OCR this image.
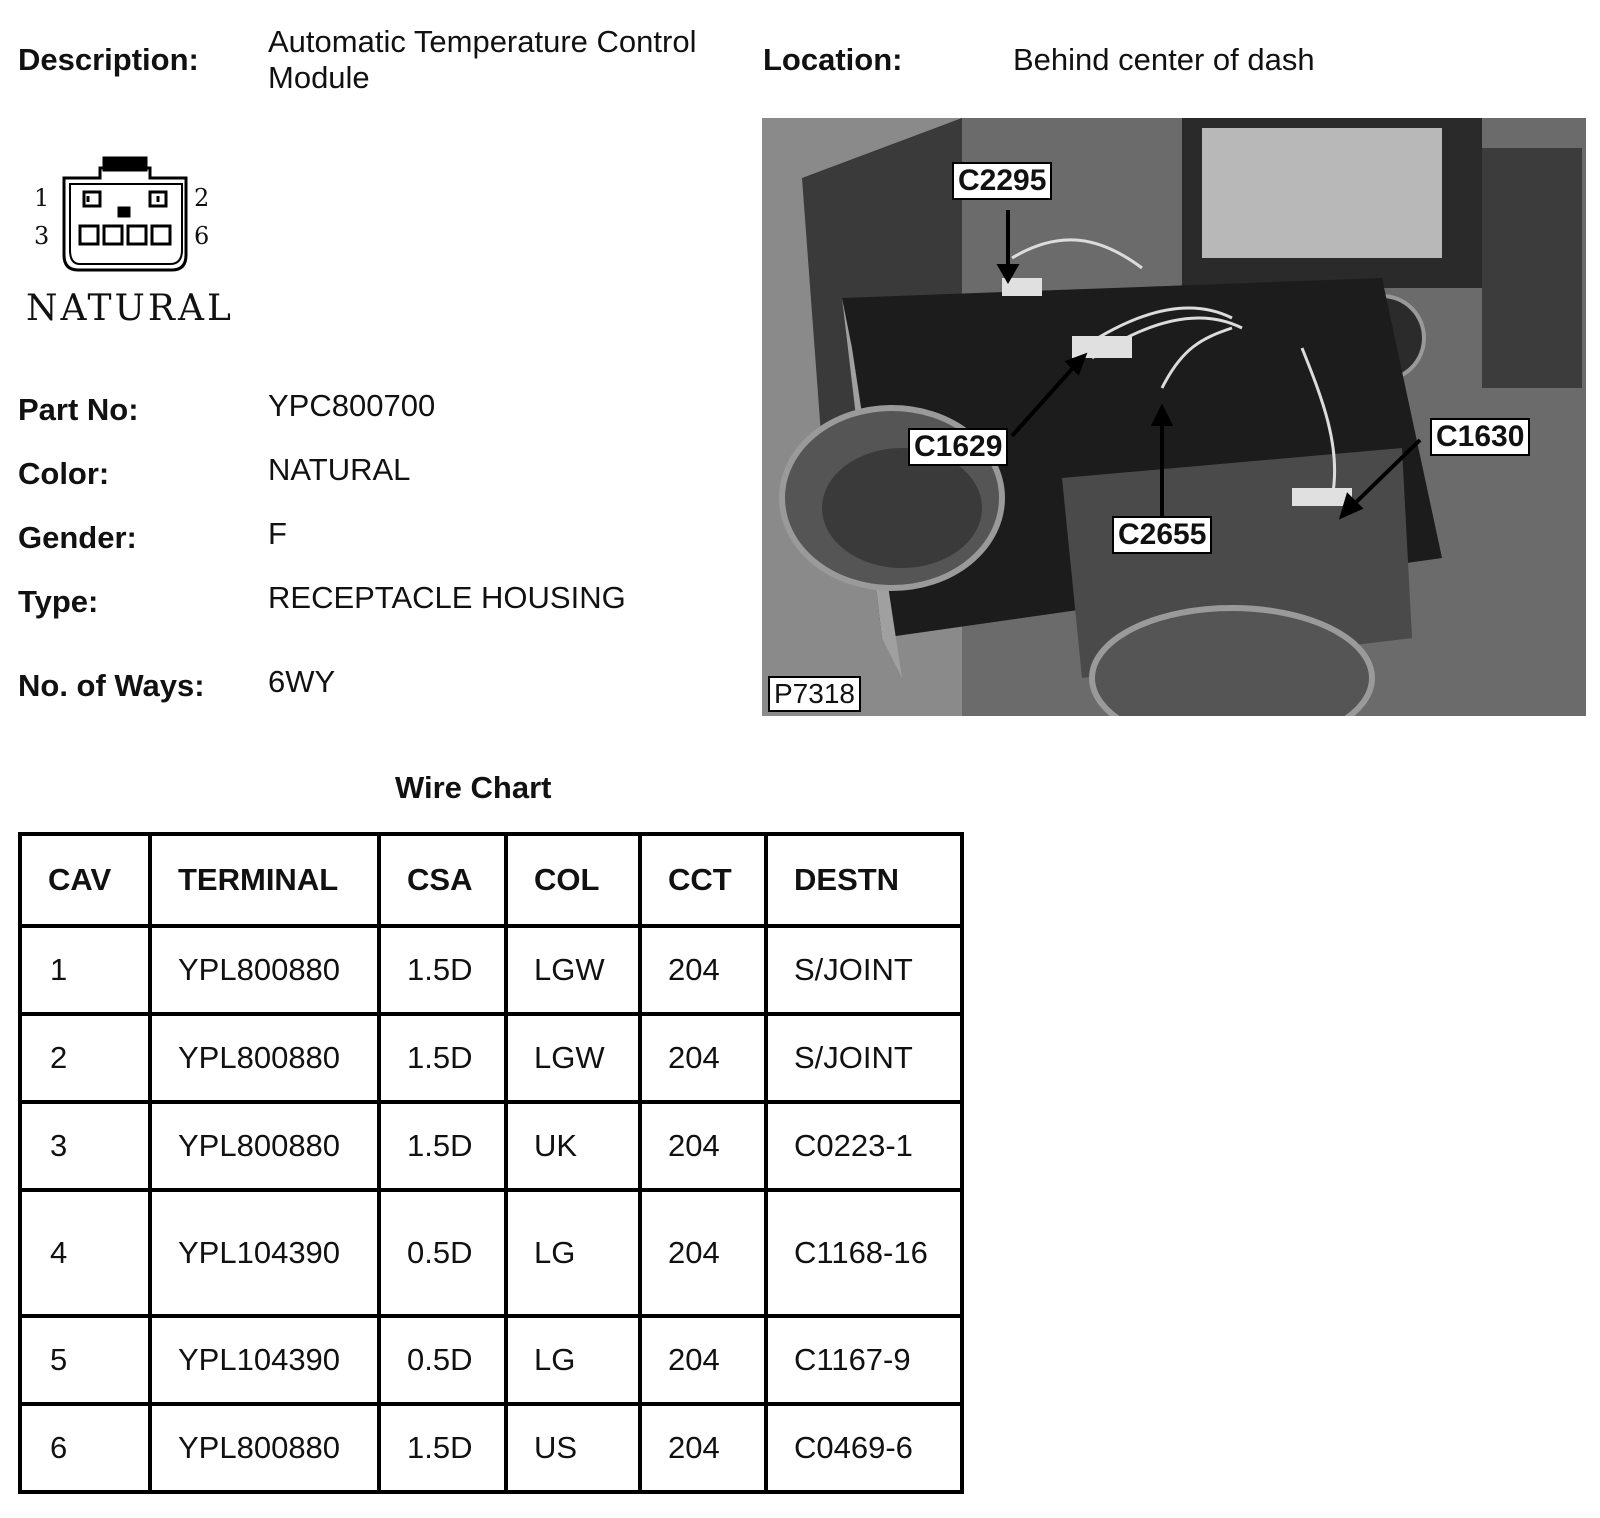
Description:
Automatic Temperature Control
Module
Location:	Behind center of dash
1	2
3	6
NATURAL
Part No:	YPC800700
Color:	NATURAL
Gender:	F
Type:	RECEPTACLE HOUSING
No. of Ways: 6WY
C2295
C1629
C2655
C1630
P7318
Wire Chart
CAV	TERMINAL	CSA	COL	CCT	DESTN
1	YPL800880	1.5D	LGW	204	S/JOINT
2	YPL800880	1.5D	LGW	204	S/JOINT
3	YPL800880	1.5D	UK	204	C0223-1
4	YPL104390	0.5D	LG	204	C1168-16
5	YPL104390	0.5D	LG	204	C1167-9
6	YPL800880	1.5D	US	204	C0469-6
